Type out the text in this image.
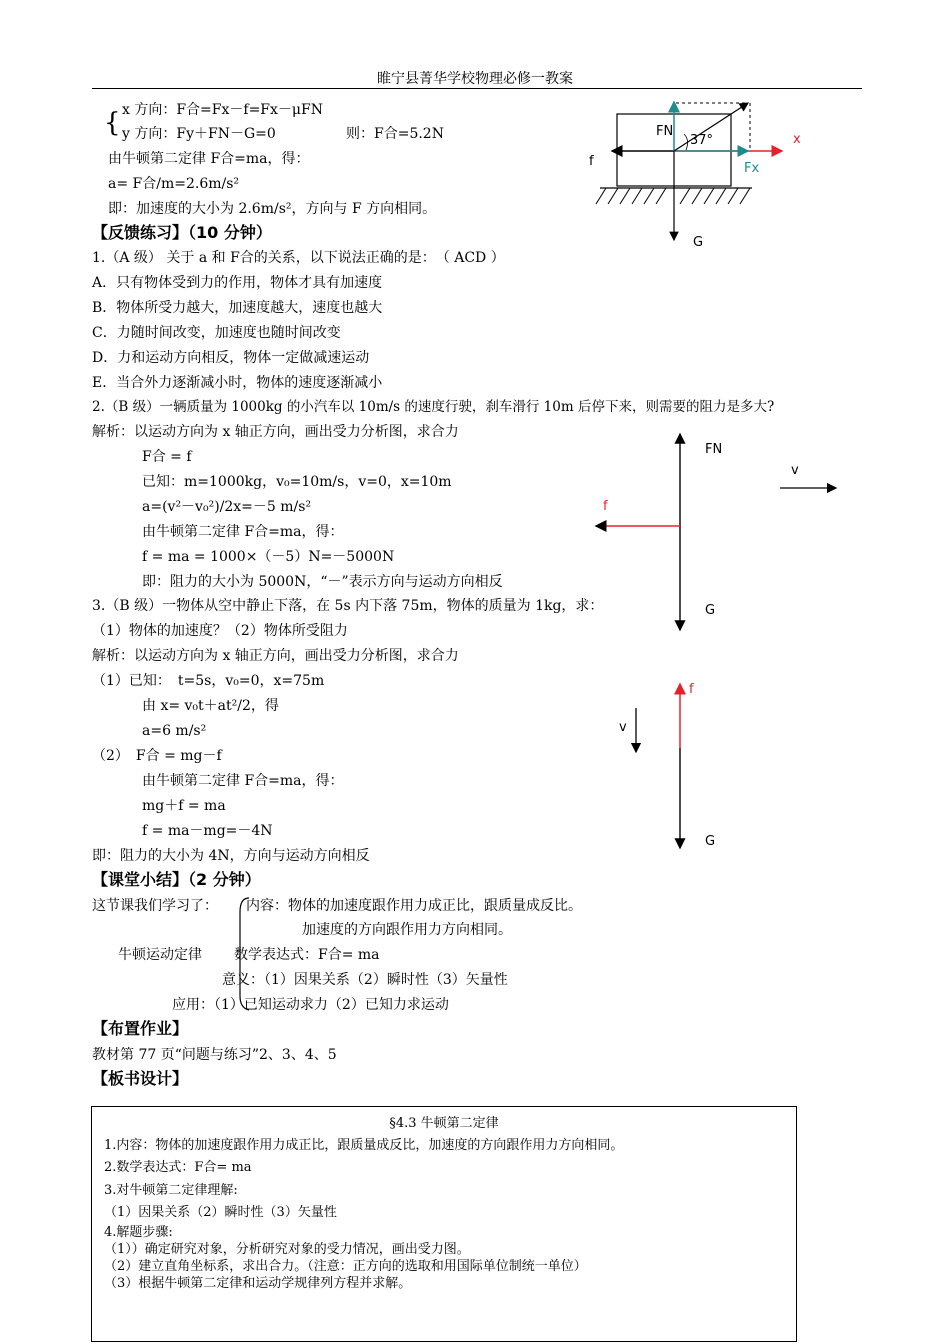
睢宁县菁华学校物理必修一教案
{ x 方向：F合=Fx－f=Fx－μFN
y 方向：Fy＋FN－G=0	则：F合=5.2N
由牛顿第二定律 F合=ma，得：
a= F合/m=2.6m/s²
即：加速度的大小为 2.6m/s²，方向与 F 方向相同。
FN
37°	x
f	Fx
G
FN
v
f
G
f
v
G
【反馈练习】（10 分钟）
1.（A 级） 关于 a 和 F合的关系，以下说法正确的是：　（ ACD ）
A．只有物体受到力的作用，物体才具有加速度
B．物体所受力越大，加速度越大，速度也越大
C．力随时间改变，加速度也随时间改变
D．力和运动方向相反，物体一定做减速运动
E．当合外力逐渐减小时，物体的速度逐渐减小
2.（B 级）一辆质量为 1000kg 的小汽车以 10m/s 的速度行驶，刹车滑行 10m 后停下来，则需要的阻力是多大?
解析：以运动方向为 x 轴正方向，画出受力分析图，求合力
F合 = f
已知：m=1000kg，v₀=10m/s，v=0，x=10m
a=(v²－v₀²)/2x=－5 m/s²
由牛顿第二定律 F合=ma，得：
f = ma = 1000×（－5）N=－5000N
即：阻力的大小为 5000N，“－”表示方向与运动方向相反
3.（B 级）一物体从空中静止下落，在 5s 内下落 75m，物体的质量为 1kg，求：
（1）物体的加速度？（2）物体所受阻力
解析：以运动方向为 x 轴正方向，画出受力分析图，求合力
（1）已知：　t=5s，v₀=0，x=75m
由 x= v₀t＋at²/2，得
a=6 m/s²
（2）　F合 = mg－f
由牛顿第二定律 F合=ma，得：
mg＋f = ma
f = ma－mg=－4N
即：阻力的大小为 4N，方向与运动方向相反
【课堂小结】（2 分钟）
这节课我们学习了： 内容：物体的加速度跟作用力成正比，跟质量成反比。
加速度的方向跟作用力方向相同。
牛顿运动定律 数学表达式：F合= ma
意义：（1）因果关系（2）瞬时性（3）矢量性
应用：（1）已知运动求力（2）已知力求运动
【布置作业】
教材第 77 页“问题与练习”2、3、4、5
【板书设计】
§4.3 牛顿第二定律
1.内容：物体的加速度跟作用力成正比，跟质量成反比，加速度的方向跟作用力方向相同。
2.数学表达式：F合= ma
3.对牛顿第二定律理解:
（1）因果关系（2）瞬时性（3）矢量性
4.解题步骤:
（1））确定研究对象，分析研究对象的受力情况，画出受力图。
（2）建立直角坐标系，求出合力。（注意：正方向的选取和用国际单位制统一单位）
（3）根据牛顿第二定律和运动学规律列方程并求解。
